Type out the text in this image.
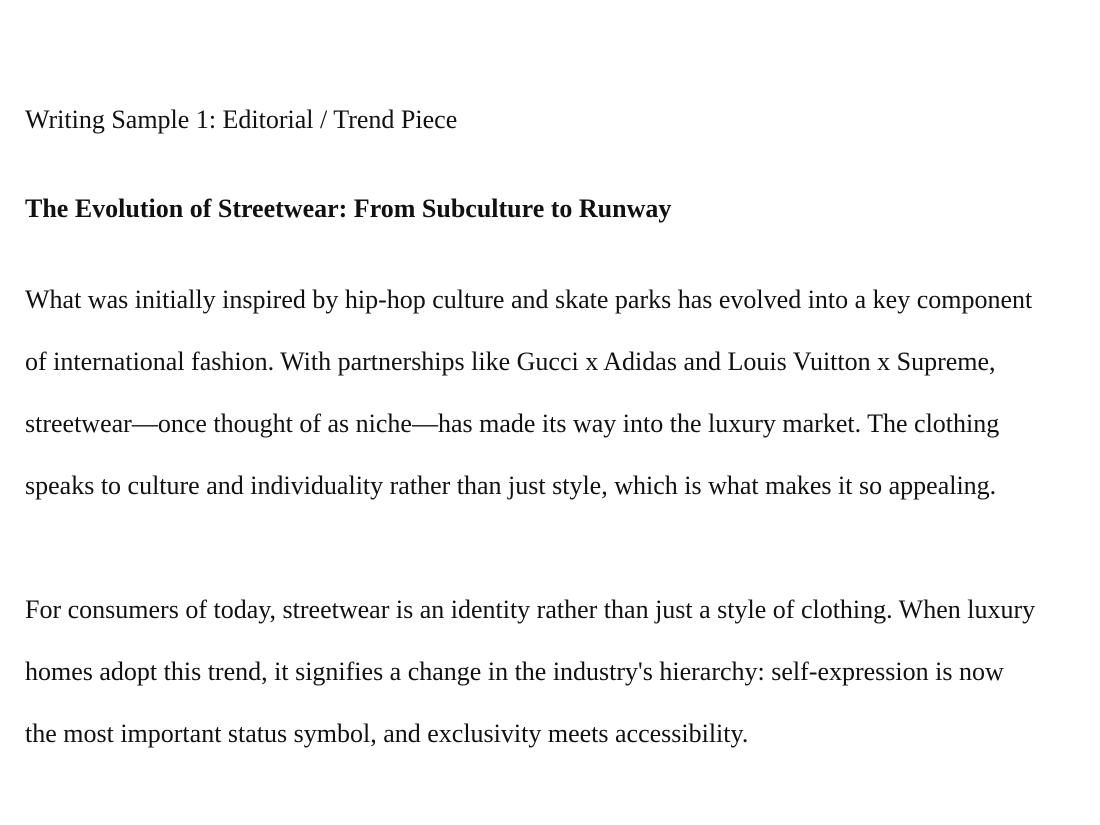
Writing Sample 1: Editorial / Trend Piece
The Evolution of Streetwear: From Subculture to Runway
What was initially inspired by hip-hop culture and skate parks has evolved into a key component
of international fashion. With partnerships like Gucci x Adidas and Louis Vuitton x Supreme,
streetwear—once thought of as niche—has made its way into the luxury market. The clothing
speaks to culture and individuality rather than just style, which is what makes it so appealing.
For consumers of today, streetwear is an identity rather than just a style of clothing. When luxury
homes adopt this trend, it signifies a change in the industry's hierarchy: self-expression is now
the most important status symbol, and exclusivity meets accessibility.
